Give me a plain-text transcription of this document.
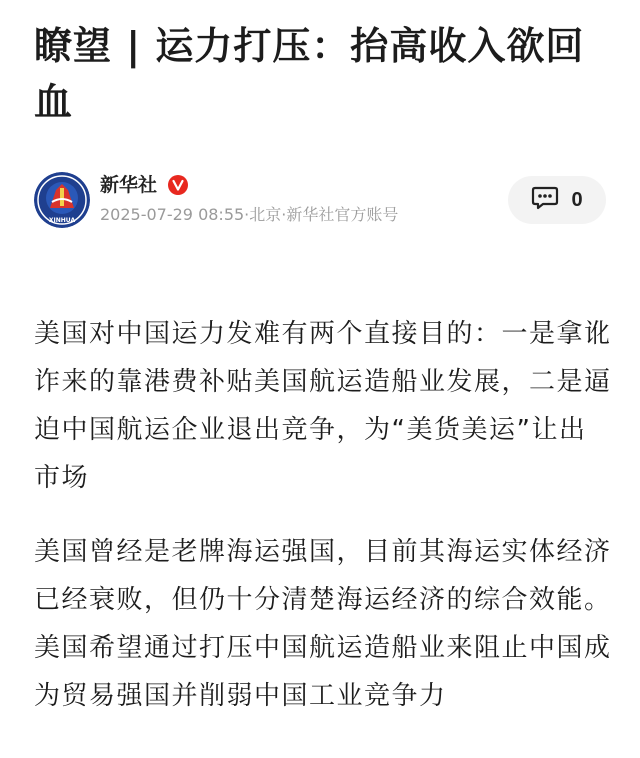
瞭望 | 运力打压：抬高收入欲回血
XINHUA
新华社
2025-07-29 08:55·北京·新华社官方账号
0

美国对中国运力发难有两个直接目的：一是拿讹诈来的靠港费补贴美国航运造船业发展，二是逼迫中国航运企业退出竞争，为“美货美运”让出市场

美国曾经是老牌海运强国，目前其海运实体经济已经衰败，但仍十分清楚海运经济的综合效能。美国希望通过打压中国航运造船业来阻止中国成为贸易强国并削弱中国工业竞争力
